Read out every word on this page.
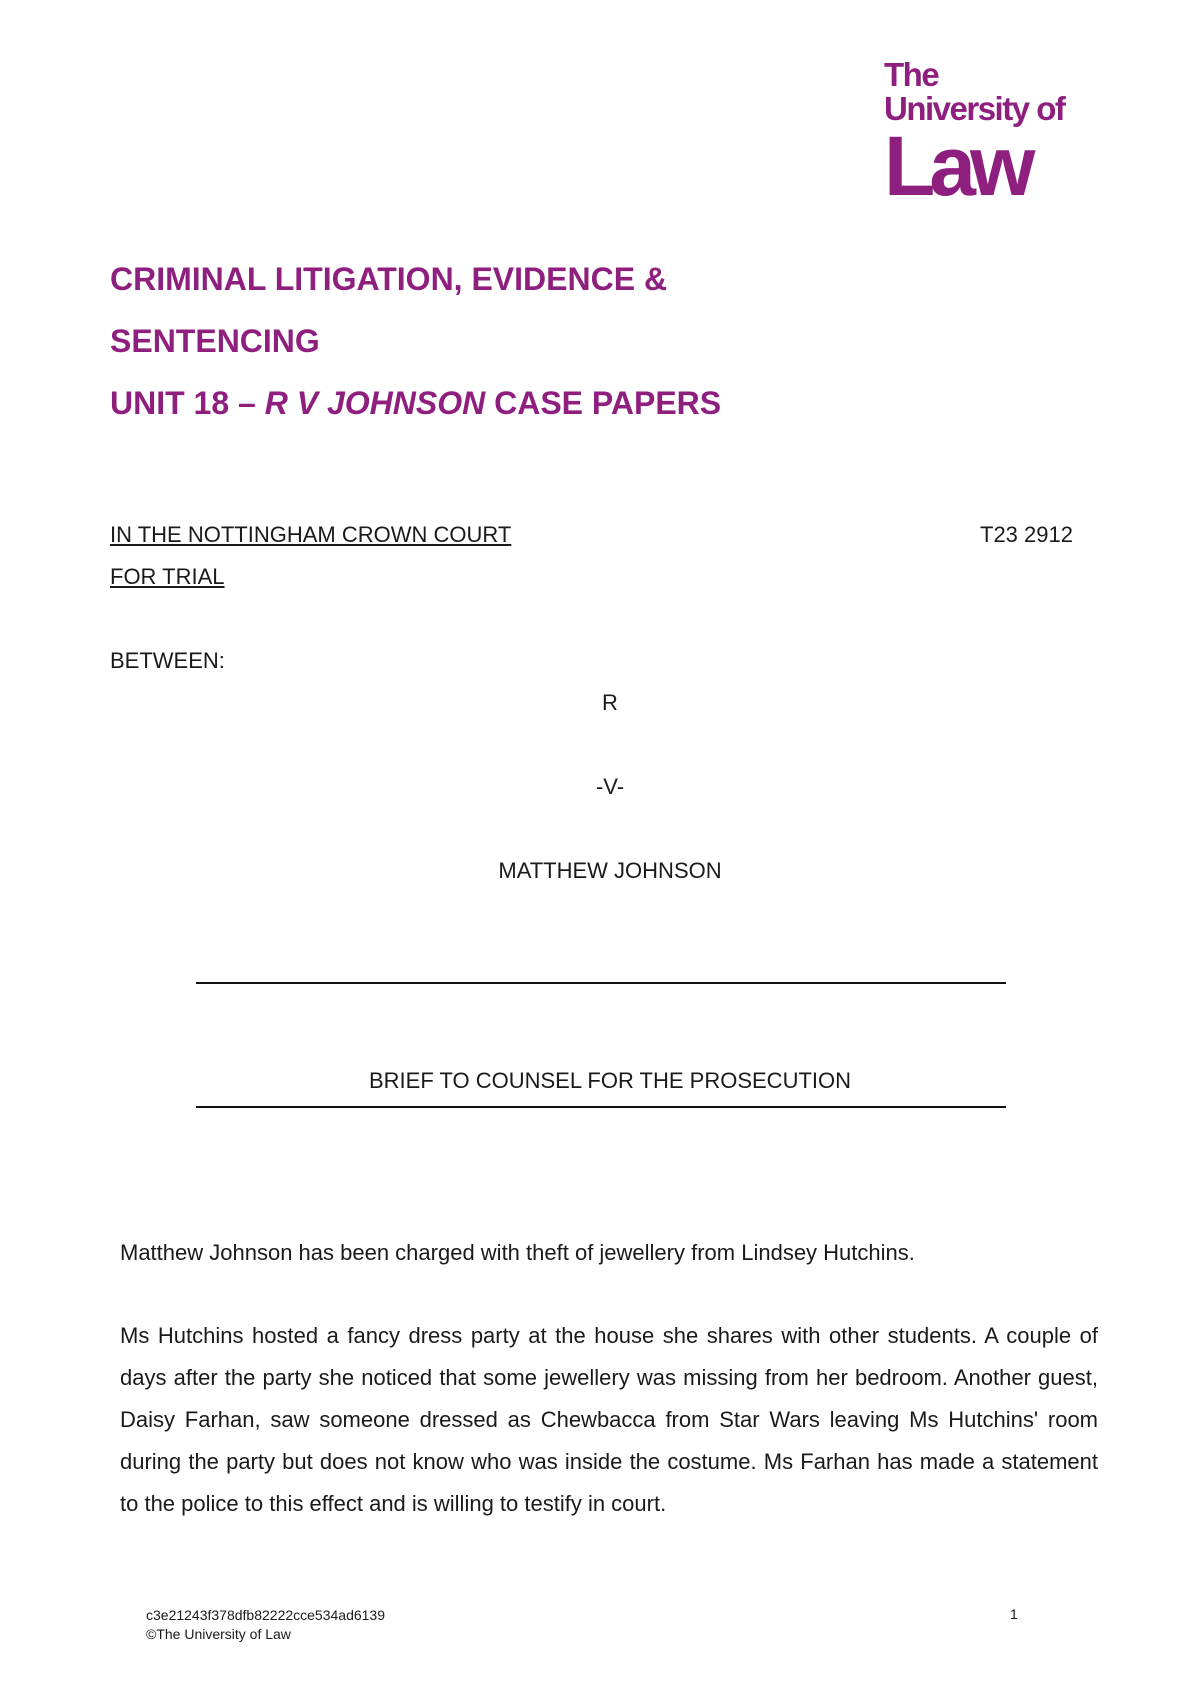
The
University of
Law
CRIMINAL LITIGATION, EVIDENCE &
SENTENCING
UNIT 18 – R V JOHNSON CASE PAPERS
IN THE NOTTINGHAM CROWN COURT	T23 2912
FOR TRIAL
BETWEEN:
R
-V-
MATTHEW JOHNSON
BRIEF TO COUNSEL FOR THE PROSECUTION
Matthew Johnson has been charged with theft of jewellery from Lindsey Hutchins.
Ms Hutchins hosted a fancy dress party at the house she shares with other students. A couple of days after the party she noticed that some jewellery was missing from her bedroom. Another guest, Daisy Farhan, saw someone dressed as Chewbacca from Star Wars leaving Ms Hutchins' room during the party but does not know who was inside the costume. Ms Farhan has made a statement to the police to this effect and is willing to testify in court.
c3e21243f378dfb82222cce534ad6139
©The University of Law
1
